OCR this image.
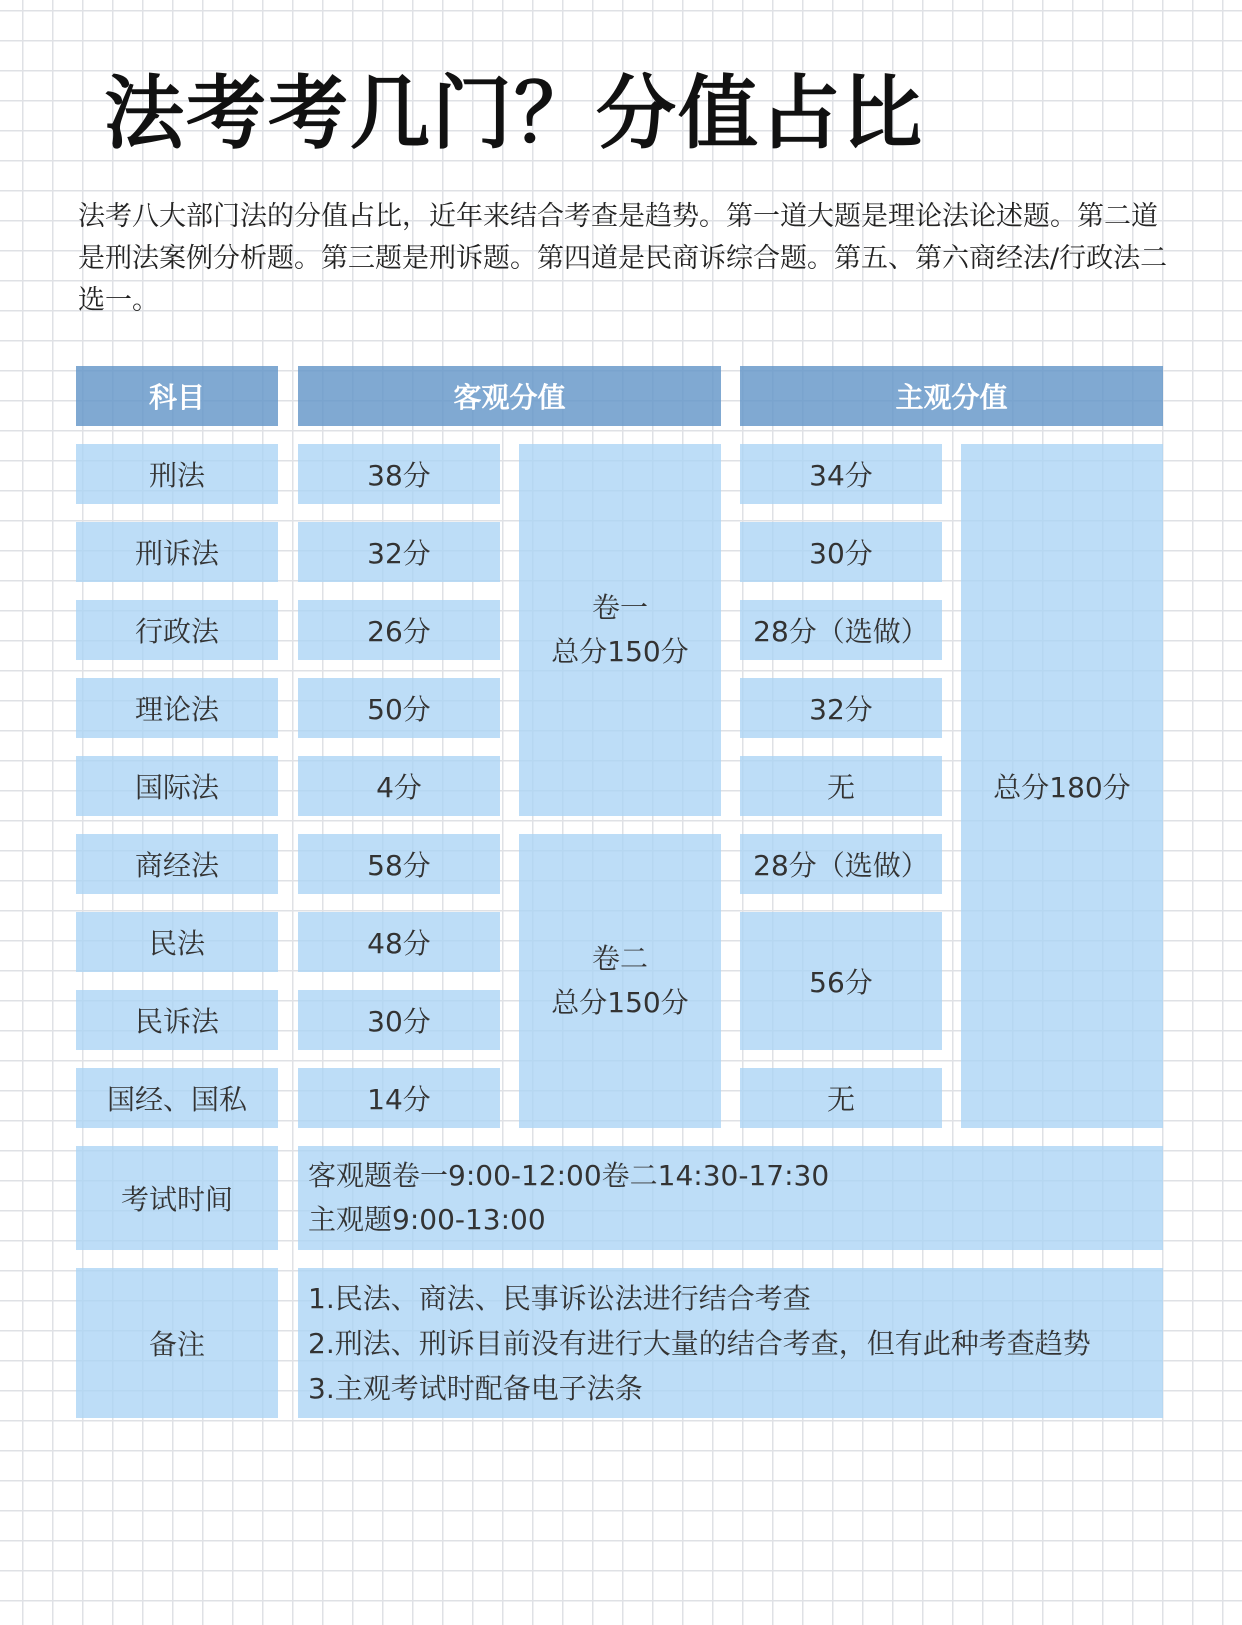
法考考几门？分值占比
法考八大部门法的分值占比，近年来结合考查是趋势。第一道大题是理论法论述题。第二道是刑法案例分析题。第三题是刑诉题。第四道是民商诉综合题。第五、第六商经法/行政法二选一。
科目	客观分值	主观分值
刑法
刑诉法
行政法
理论法
国际法
商经法
民法
民诉法
国经、国私
38分
32分
26分
50分
4分
58分
48分
30分
14分
卷一
总分150分
卷二
总分150分
34分
30分
28分（选做）
32分
无
28分（选做）
56分
无
总分180分
考试时间
客观题卷一9:00-12:00卷二14:30-17:30
主观题9:00-13:00
备注
1.民法、商法、民事诉讼法进行结合考查
2.刑法、刑诉目前没有进行大量的结合考查，但有此种考查趋势
3.主观考试时配备电子法条
